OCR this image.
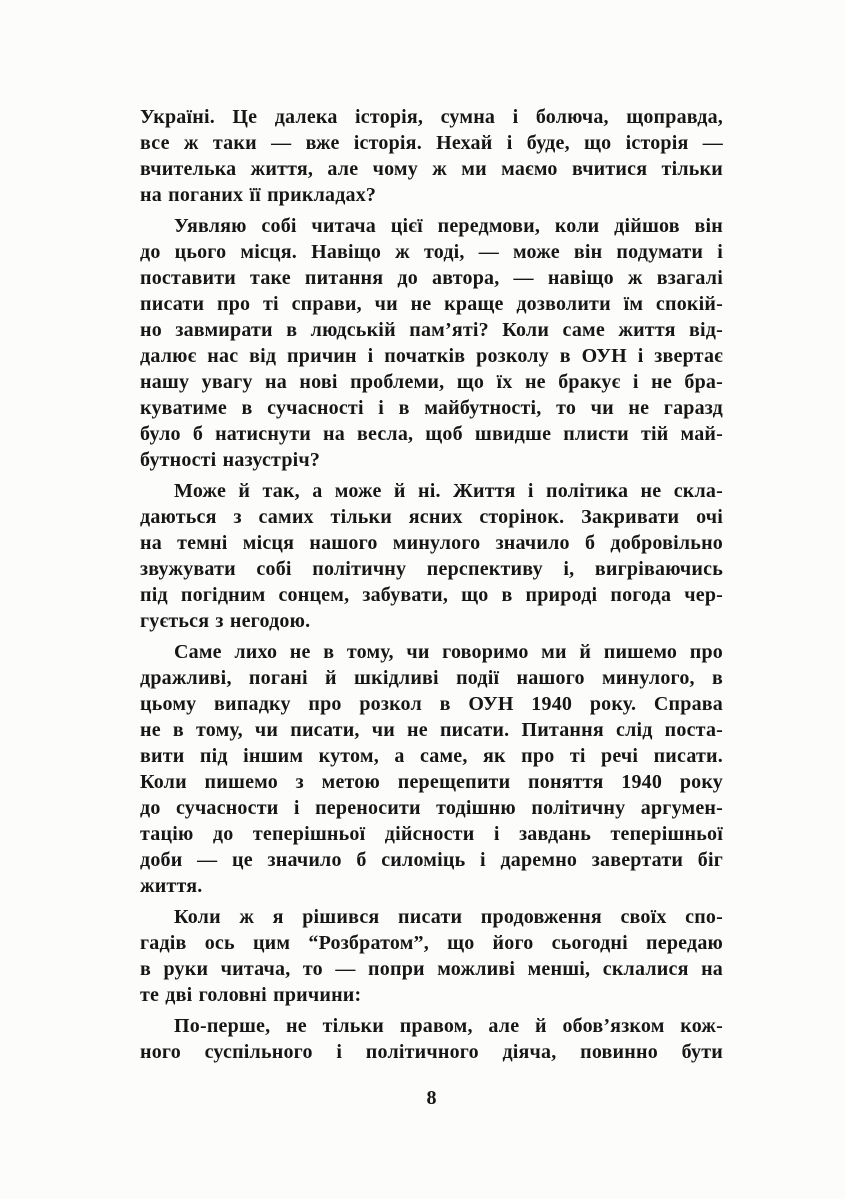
Україні. Це далека історія, сумна і болюча, щоправда,
все ж таки — вже історія. Нехай і буде, що історія —
вчителька життя, але чому ж ми маємо вчитися тільки
на поганих її прикладах?

Уявляю собі читача цієї передмови, коли дійшов він
до цього місця. Навіщо ж тоді, — може він подумати і
поставити таке питання до автора, — навіщо ж взагалі
писати про ті справи, чи не краще дозволити їм спокій-
но завмирати в людській пам’яті? Коли саме життя від-
далює нас від причин і початків розколу в ОУН і звертає
нашу увагу на нові проблеми, що їх не бракує і не бра-
куватиме в сучасності і в майбутності, то чи не гаразд
було б натиснути на весла, щоб швидше плисти тій май-
бутності назустріч?

Може й так, а може й ні. Життя і політика не скла-
даються з самих тільки ясних сторінок. Закривати очі
на темні місця нашого минулого значило б добровільно
звужувати собі політичну перспективу і, вигріваючись
під погідним сонцем, забувати, що в природі погода чер-
гується з негодою.

Саме лихо не в тому, чи говоримо ми й пишемо про
дражливі, погані й шкідливі події нашого минулого, в
цьому випадку про розкол в ОУН 1940 року. Справа
не в тому, чи писати, чи не писати. Питання слід поста-
вити під іншим кутом, а саме, як про ті речі писати.
Коли пишемо з метою перещепити поняття 1940 року
до сучасности і переносити тодішню політичну аргумен-
тацію до теперішньої дійсности і завдань теперішньої
доби — це значило б силоміць і даремно завертати біг
життя.

Коли ж я рішився писати продовження своїх спо-
гадів ось цим “Розбратом”, що його сьогодні передаю
в руки читача, то — попри можливі менші, склалися на
те дві головні причини:

По-перше, не тільки правом, але й обов’язком кож-
ного суспільного і політичного діяча, повинно бути

8
